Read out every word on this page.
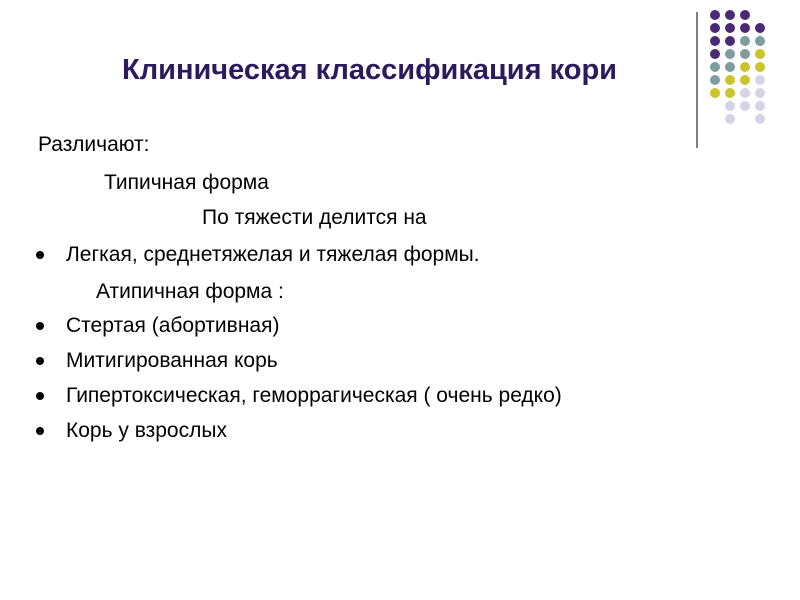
Клиническая классификация кори
Различают:
Типичная форма
По тяжести делится на
Легкая, среднетяжелая и тяжелая формы.
Атипичная форма :
Стертая (абортивная)
Митигированная корь
Гипертоксическая, геморрагическая ( очень редко)
Корь у взрослых
